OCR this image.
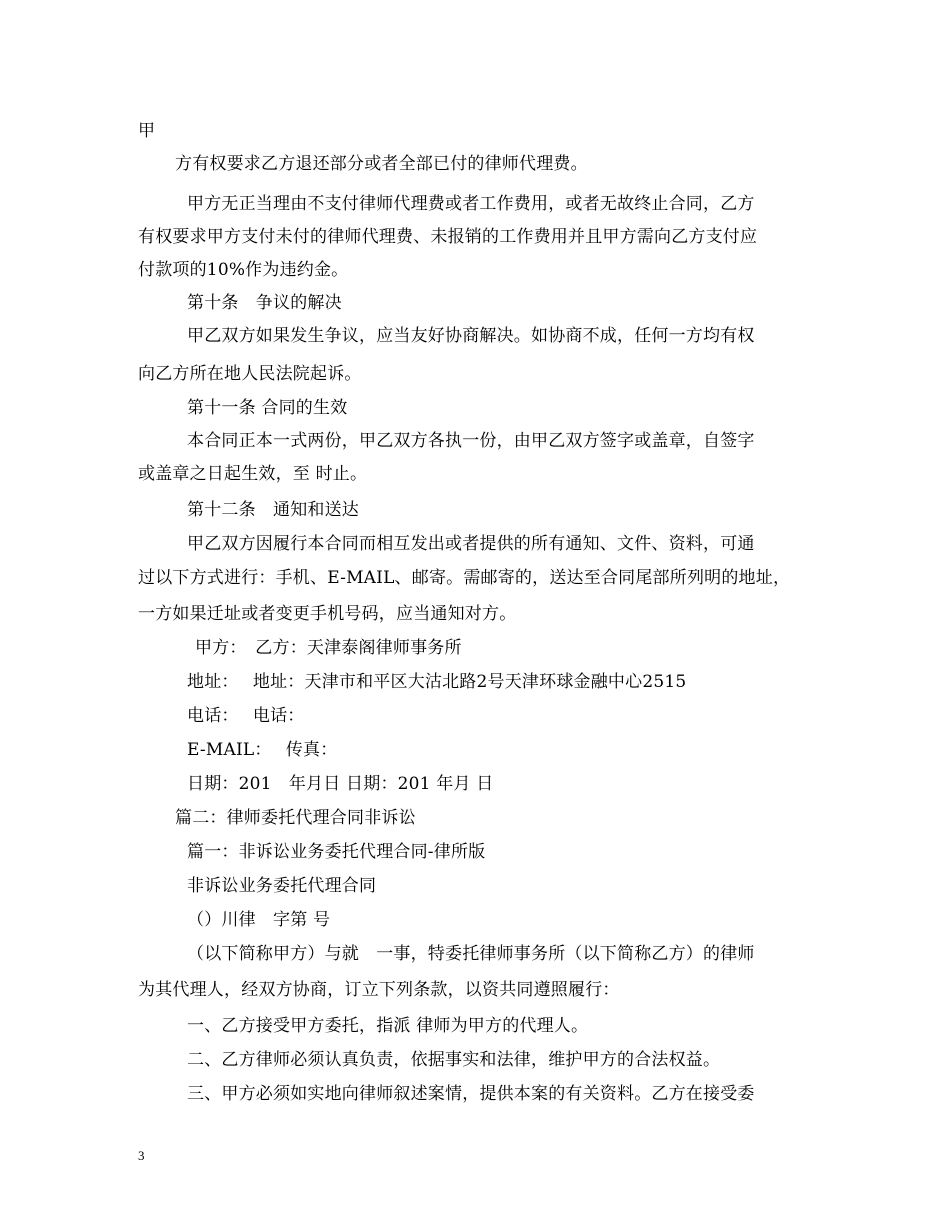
甲
方有权要求乙方退还部分或者全部已付的律师代理费。
甲方无正当理由不支付律师代理费或者工作费用，或者无故终止合同，乙方
有权要求甲方支付未付的律师代理费、未报销的工作费用并且甲方需向乙方支付应
付款项的10%作为违约金。
第十条　争议的解决
甲乙双方如果发生争议，应当友好协商解决。如协商不成，任何一方均有权
向乙方所在地人民法院起诉。
第十一条 合同的生效
本合同正本一式两份，甲乙双方各执一份，由甲乙双方签字或盖章，自签字
或盖章之日起生效，至 时止。
第十二条　通知和送达
甲乙双方因履行本合同而相互发出或者提供的所有通知、文件、资料，可通
过以下方式进行：手机、E-MAIL、邮寄。需邮寄的，送达至合同尾部所列明的地址，
一方如果迁址或者变更手机号码，应当通知对方。
甲方：　乙方：天津泰阁律师事务所
地址：　 地址：天津市和平区大沽北路2号天津环球金融中心2515
电话：　 电话：
E-MAIL：　 传真：
日期：201　年月日 日期：201 年月 日
篇二：律师委托代理合同非诉讼
篇一：非诉讼业务委托代理合同-律所版
非诉讼业务委托代理合同
（）川律　字第 号
（以下简称甲方）与就　一事，特委托律师事务所（以下简称乙方）的律师
为其代理人，经双方协商，订立下列条款，以资共同遵照履行：
一、乙方接受甲方委托，指派 律师为甲方的代理人。
二、乙方律师必须认真负责，依据事实和法律，维护甲方的合法权益。
三、甲方必须如实地向律师叙述案情，提供本案的有关资料。乙方在接受委
3
